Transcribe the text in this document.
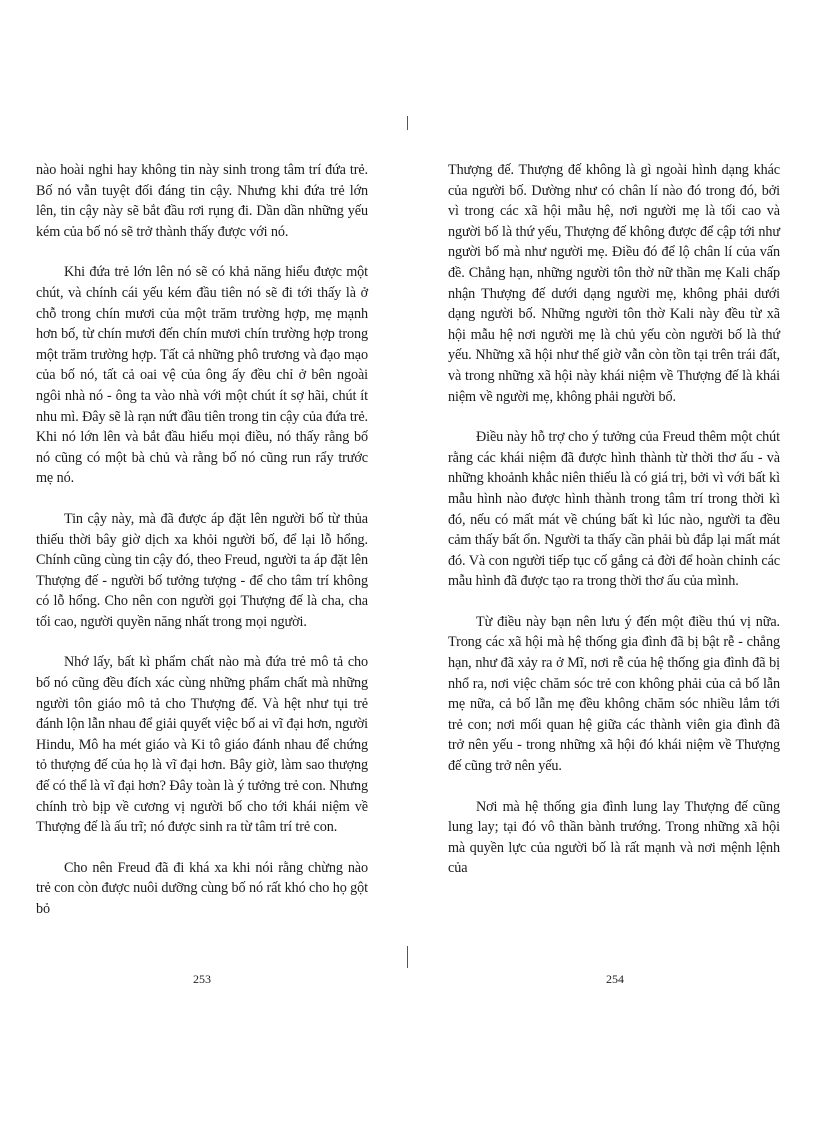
nào hoài nghi hay không tin này sinh trong tâm trí đứa trẻ. Bố nó vẫn tuyệt đối đáng tin cậy. Nhưng khi đứa trẻ lớn lên, tin cậy này sẽ bắt đầu rơi rụng đi. Dần dần những yếu kém của bố nó sẽ trở thành thấy được với nó.

Khi đứa trẻ lớn lên nó sẽ có khả năng hiểu được một chút, và chính cái yếu kém đầu tiên nó sẽ đi tới thấy là ở chỗ trong chín mươi của một trăm trường hợp, mẹ mạnh hơn bố, từ chín mươi đến chín mươi chín trường hợp trong một trăm trường hợp. Tất cả những phô trương và đạo mạo của bố nó, tất cả oai vệ của ông ấy đều chỉ ở bên ngoài ngôi nhà nó - ông ta vào nhà với một chút ít sợ hãi, chút ít nhu mì. Đây sẽ là rạn nứt đầu tiên trong tin cậy của đứa trẻ. Khi nó lớn lên và bắt đầu hiểu mọi điều, nó thấy rằng bố nó cũng có một bà chủ và rằng bố nó cũng run rẩy trước mẹ nó.

Tin cậy này, mà đã được áp đặt lên người bố từ thủa thiếu thời bây giờ dịch xa khỏi người bố, để lại lỗ hổng. Chính cũng cùng tin cậy đó, theo Freud, người ta áp đặt lên Thượng đế - người bố tưởng tượng - để cho tâm trí không có lỗ hổng. Cho nên con người gọi Thượng đế là cha, cha tối cao, người quyền năng nhất trong mọi người.

Nhớ lấy, bất kì phẩm chất nào mà đứa trẻ mô tả cho bố nó cũng đều đích xác cùng những phẩm chất mà những người tôn giáo mô tả cho Thượng đế. Và hệt như tụi trẻ đánh lộn lẫn nhau để giải quyết việc bố ai vĩ đại hơn, người Hindu, Mô ha mét giáo và Ki tô giáo đánh nhau để chứng tỏ thượng đế của họ là vĩ đại hơn. Bây giờ, làm sao thượng đế có thể là vĩ đại hơn? Đây toàn là ý tưởng trẻ con. Nhưng chính trò bịp về cương vị người bố cho tới khái niệm về Thượng đế là ấu trĩ; nó được sinh ra từ tâm trí trẻ con.

Cho nên Freud đã đi khá xa khi nói rằng chừng nào trẻ con còn được nuôi dưỡng cùng bố nó rất khó cho họ gột bỏ

Thượng đế. Thượng đế không là gì ngoài hình dạng khác của người bố. Dường như có chân lí nào đó trong đó, bởi vì trong các xã hội mẫu hệ, nơi người mẹ là tối cao và người bố là thứ yếu, Thượng đế không được để cập tới như người bố mà như người mẹ. Điều đó để lộ chân lí của vấn đề. Chẳng hạn, những người tôn thờ nữ thần mẹ Kali chấp nhận Thượng đế dưới dạng người mẹ, không phải dưới dạng người bố. Những người tôn thờ Kali này đều từ xã hội mẫu hệ nơi người mẹ là chủ yếu còn người bố là thứ yếu. Những xã hội như thế giờ vẫn còn tồn tại trên trái đất, và trong những xã hội này khái niệm về Thượng đế là khái niệm về người mẹ, không phải người bố.

Điều này hỗ trợ cho ý tưởng của Freud thêm một chút rằng các khái niệm đã được hình thành từ thời thơ ấu - và những khoảnh khắc niên thiếu là có giá trị, bởi vì với bất kì mẫu hình nào được hình thành trong tâm trí trong thời kì đó, nếu có mất mát về chúng bất kì lúc nào, người ta đều cảm thấy bất ổn. Người ta thấy cần phải bù đắp lại mất mát đó. Và con người tiếp tục cố gắng cả đời để hoàn chỉnh các mẫu hình đã được tạo ra trong thời thơ ấu của mình.

Từ điều này bạn nên lưu ý đến một điều thú vị nữa. Trong các xã hội mà hệ thống gia đình đã bị bật rễ - chẳng hạn, như đã xảy ra ở Mĩ, nơi rễ của hệ thống gia đình đã bị nhổ ra, nơi việc chăm sóc trẻ con không phải của cả bố lẫn mẹ nữa, cả bố lẫn mẹ đều không chăm sóc nhiều lắm tới trẻ con; nơi mối quan hệ giữa các thành viên gia đình đã trở nên yếu - trong những xã hội đó khái niệm về Thượng đế cũng trở nên yếu.

Nơi mà hệ thống gia đình lung lay Thượng đế cũng lung lay; tại đó vô thần bành trướng. Trong những xã hội mà quyền lực của người bố là rất mạnh và nơi mệnh lệnh của

253	254
